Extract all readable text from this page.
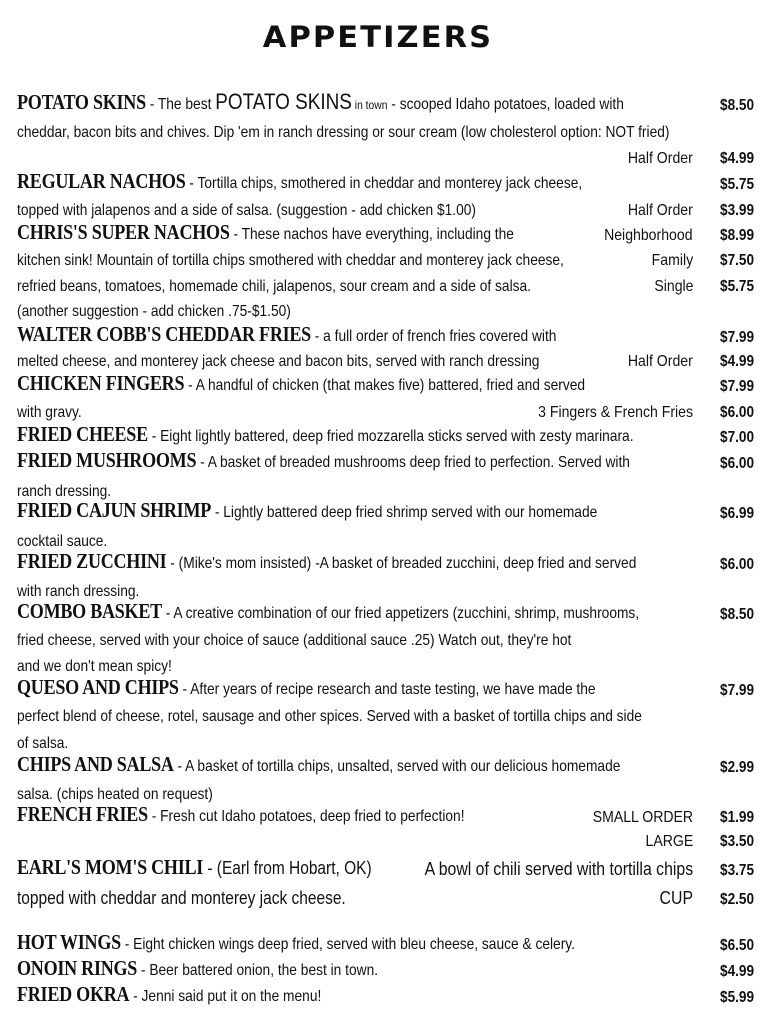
APPETIZERS
POTATO SKINS - The best POTATO SKINS in town - scooped Idaho potatoes, loaded with	$8.50
cheddar, bacon bits and chives. Dip 'em in ranch dressing or sour cream (low cholesterol option: NOT fried)
Half Order $4.99
REGULAR NACHOS - Tortilla chips, smothered in cheddar and monterey jack cheese,	$5.75
topped with jalapenos and a side of salsa. (suggestion - add chicken $1.00)	Half Order $3.99
CHRIS'S SUPER NACHOS - These nachos have everything, including the	Neighborhood $8.99
kitchen sink! Mountain of tortilla chips smothered with cheddar and monterey jack cheese,	Family $7.50
refried beans, tomatoes, homemade chili, jalapenos, sour cream and a side of salsa.	Single $5.75
(another suggestion - add chicken .75-$1.50)
WALTER COBB'S CHEDDAR FRIES - a full order of french fries covered with	$7.99
melted cheese, and monterey jack cheese and bacon bits, served with ranch dressing	Half Order $4.99
CHICKEN FINGERS - A handful of chicken (that makes five) battered, fried and served	$7.99
with gravy.	3 Fingers & French Fries $6.00
FRIED CHEESE - Eight lightly battered, deep fried mozzarella sticks served with zesty marinara.	$7.00
FRIED MUSHROOMS - A basket of breaded mushrooms deep fried to perfection. Served with	$6.00
ranch dressing.
FRIED CAJUN SHRIMP - Lightly battered deep fried shrimp served with our homemade	$6.99
cocktail sauce.
FRIED ZUCCHINI - (Mike's mom insisted) -A basket of breaded zucchini, deep fried and served	$6.00
with ranch dressing.
COMBO BASKET - A creative combination of our fried appetizers (zucchini, shrimp, mushrooms,	$8.50
fried cheese, served with your choice of sauce (additional sauce .25) Watch out, they're hot
and we don't mean spicy!
QUESO AND CHIPS - After years of recipe research and taste testing, we have made the	$7.99
perfect blend of cheese, rotel, sausage and other spices. Served with a basket of tortilla chips and side
of salsa.
CHIPS AND SALSA - A basket of tortilla chips, unsalted, served with our delicious homemade	$2.99
salsa. (chips heated on request)
FRENCH FRIES - Fresh cut Idaho potatoes, deep fried to perfection!	SMALL ORDER $1.99
LARGE $3.50
EARL'S MOM'S CHILI - (Earl from Hobart, OK)	A bowl of chili served with tortilla chips $3.75
topped with cheddar and monterey jack cheese.	CUP $2.50
HOT WINGS - Eight chicken wings deep fried, served with bleu cheese, sauce & celery.	$6.50
ONOIN RINGS - Beer battered onion, the best in town.	$4.99
FRIED OKRA - Jenni said put it on the menu!	$5.99
